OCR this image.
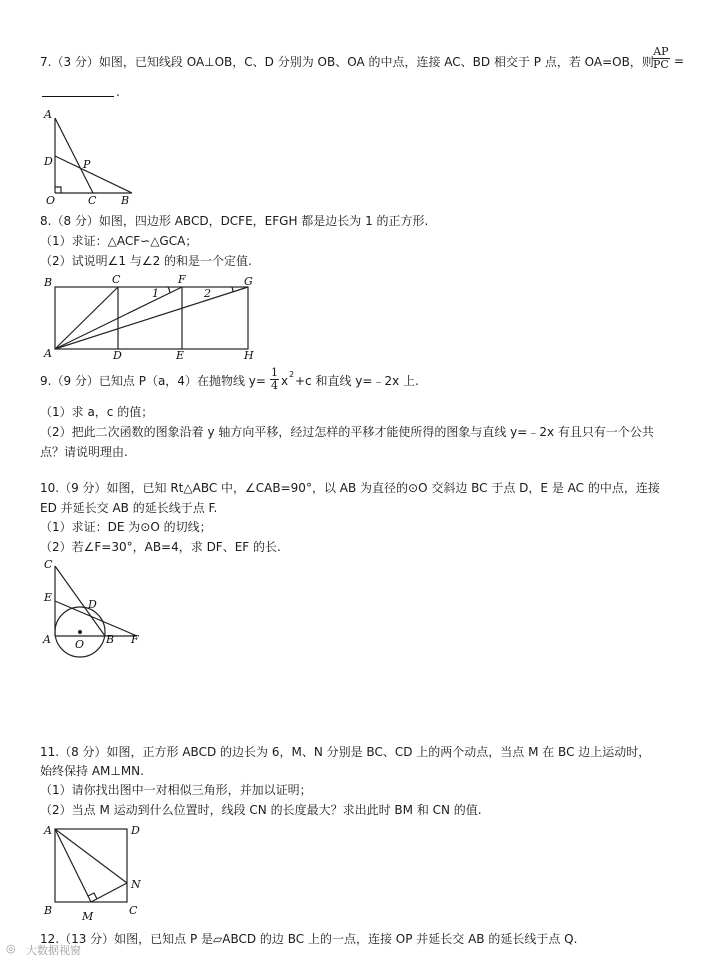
7.（3 分）如图，已知线段 OA⊥OB，C、D 分别为 OB、OA 的中点，连接 AC、BD 相交于 P 点，若 OA=OB，则
$\frac{AP}{PC}$ =
.
A
D	P
O	C B
8.（8 分）如图，四边形 ABCD，DCFE，EFGH 都是边长为 1 的正方形.
（1）求证：△ACF∽△GCA；
（2）试说明∠1 与∠2 的和是一个定值.
B	C	F	G
A	D	E	H
1	2
9.（9 分）已知点 P（a，4）在抛物线 $y= \frac{1}{4}$ x 2 +c 和直线 y=﹣2x 上.
（1）求 a，c 的值；
（2）把此二次函数的图象沿着 y 轴方向平移，经过怎样的平移才能使所得的图象与直线 y=﹣2x 有且只有一个公共
点？请说明理由.
10.（9 分）如图，已知 Rt△ABC 中，∠CAB=90°，以 AB 为直径的⊙O 交斜边 BC 于点 D，E 是 AC 的中点，连接
ED 并延长交 AB 的延长线于点 F.
（1）求证：DE 为⊙O 的切线；
（2）若∠F=30°，AB=4，求 DF、EF 的长.
C
E
D
A O B F
11.（8 分）如图，正方形 ABCD 的边长为 6，M、N 分别是 BC、CD 上的两个动点，当点 M 在 BC 边上运动时，
始终保持 AM⊥MN.
（1）请你找出图中一对相似三角形，并加以证明；
（2）当点 M 运动到什么位置时，线段 CN 的长度最大？求出此时 BM 和 CN 的值.
A	D
N
B	M	C
12.（13 分）如图，已知点 P 是▱ABCD 的边 BC 上的一点，连接 OP 并延长交 AB 的延长线于点 Q.
◎ 大数据视窗
